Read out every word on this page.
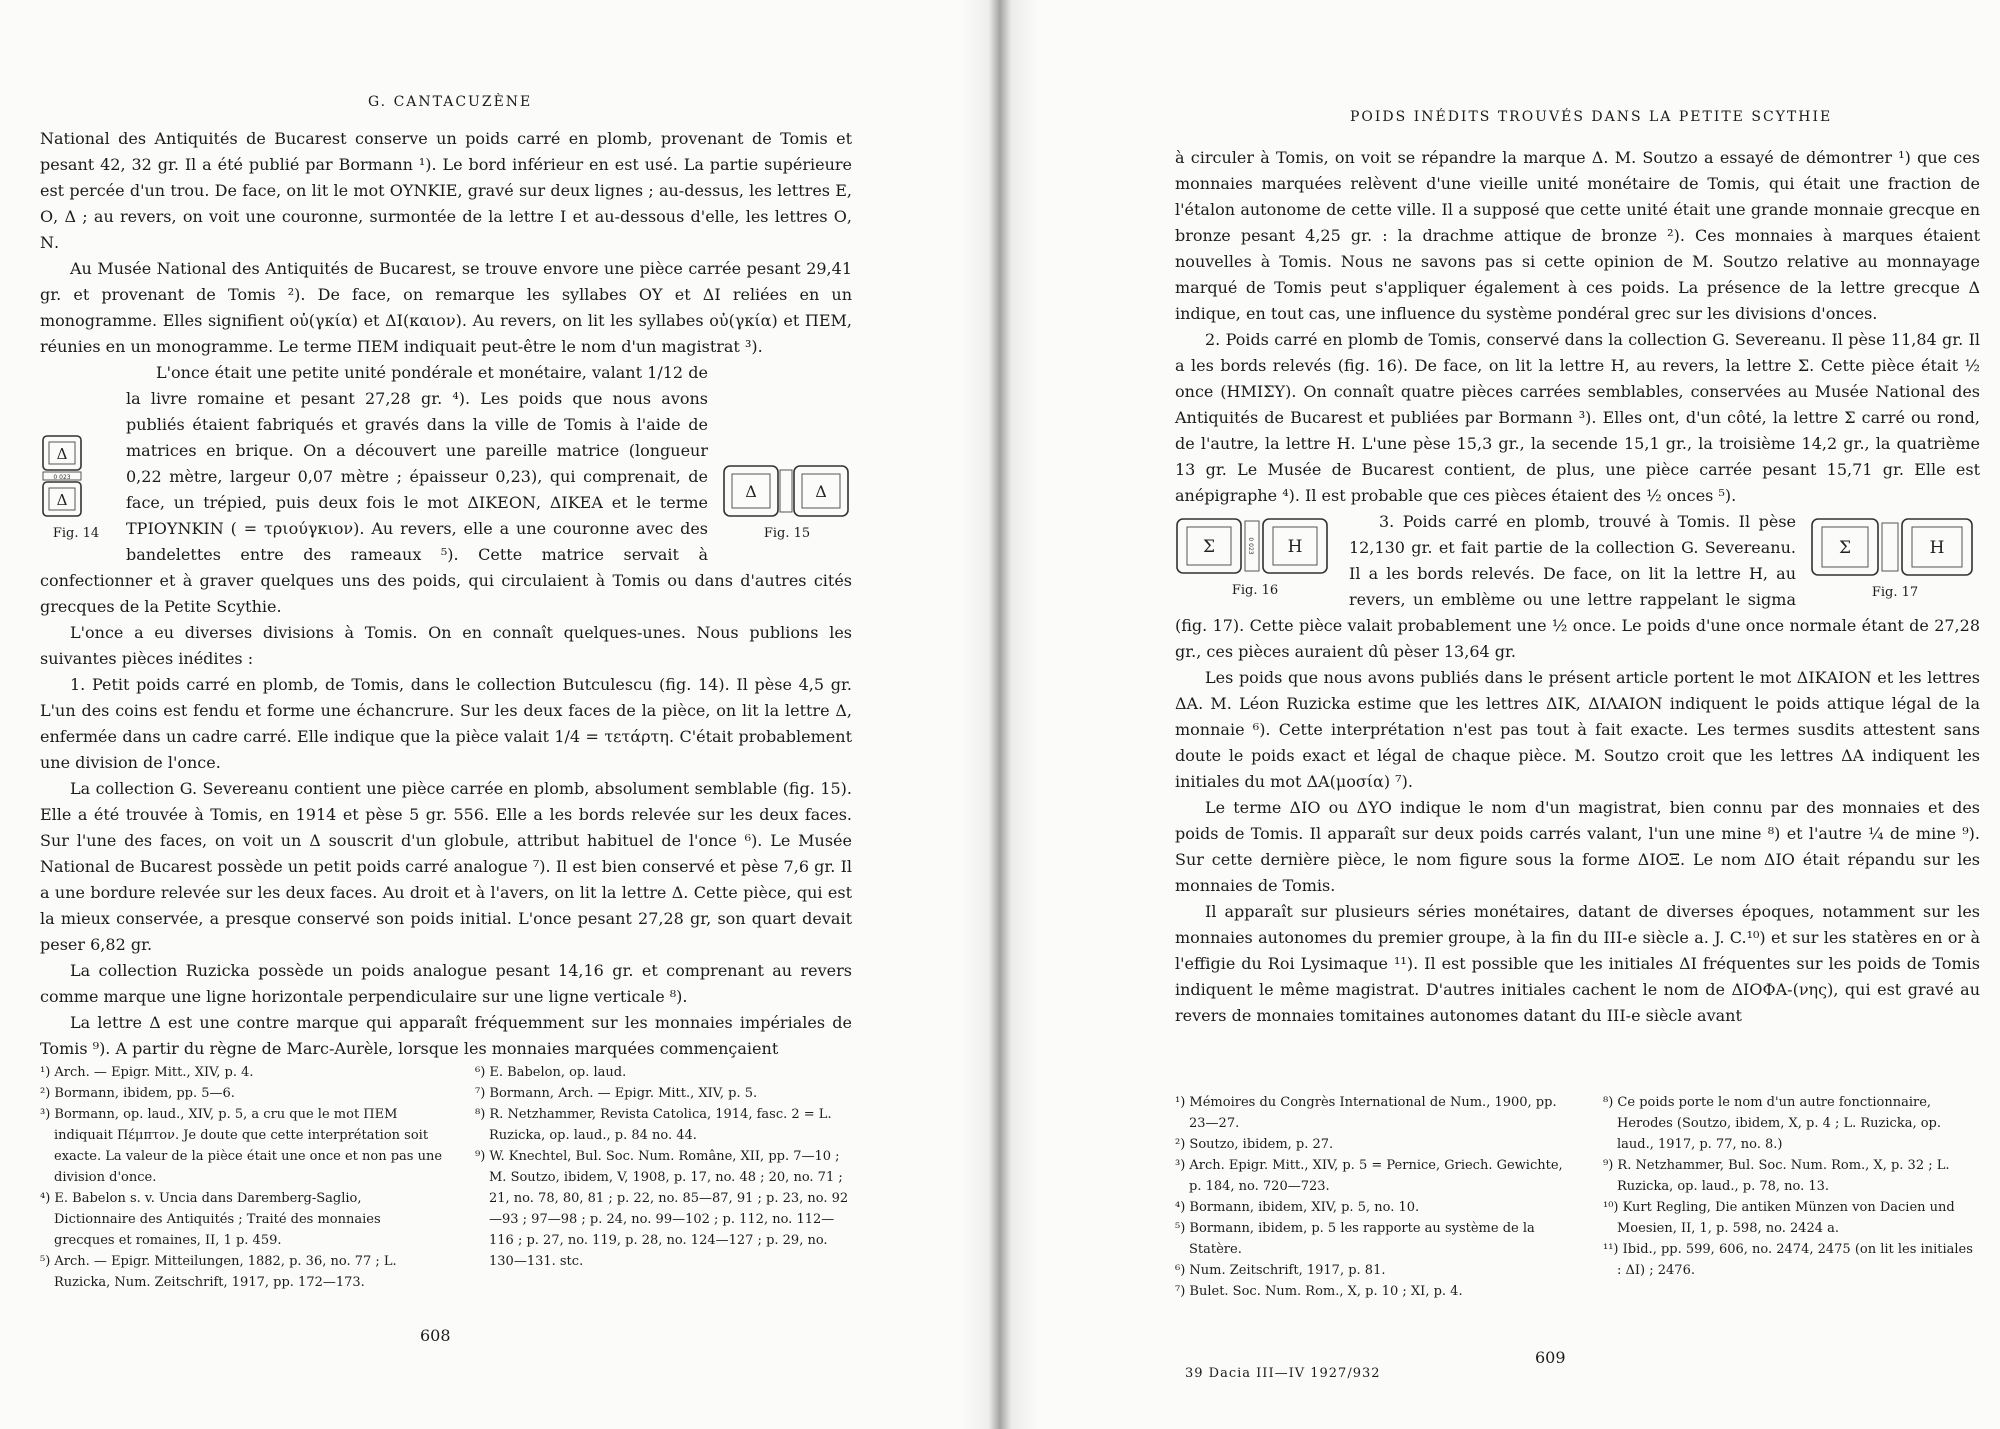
G. CANTACUZÈNE

National des Antiquités de Bucarest conserve un poids carré en plomb, provenant de Tomis et pesant 42, 32 gr. Il a été publié par Bormann ¹). Le bord inférieur en est usé. La partie supérieure est percée d'un trou. De face, on lit le mot ΟΥΝΚΙΕ, gravé sur deux lignes ; au-dessus, les lettres Ε, Ο, Δ ; au revers, on voit une couronne, surmontée de la lettre Ι et au-dessous d'elle, les lettres Ο, Ν.

Au Musée National des Antiquités de Bucarest, se trouve envore une pièce carrée pesant 29,41 gr. et provenant de Tomis ²). De face, on remarque les syllabes ΟΥ et ΔΙ reliées en un monogramme. Elles signifient οὐ(γκία) et ΔΙ(καιον). Au revers, on lit les syllabes οὐ(γκία) et ΠΕΜ, réunies en un monogramme. Le terme ΠΕΜ indiquait peut-être le nom d'un magistrat ³).

Δ
0 023
Δ
Fig. 14
Δ	Δ
Fig. 15

L'once était une petite unité pondérale et monétaire, valant 1/12 de la livre romaine et pesant 27,28 gr. ⁴). Les poids que nous avons publiés étaient fabriqués et gravés dans la ville de Tomis à l'aide de matrices en brique. On a découvert une pareille matrice (longueur 0,22 mètre, largeur 0,07 mètre ; épaisseur 0,23), qui comprenait, de face, un trépied, puis deux fois le mot ΔΙΚΕΟΝ, ΔΙΚΕΑ et le terme ΤΡΙΟΥΝΚΙΝ ( = τριούγκιον). Au revers, elle a une couronne avec des bandelettes entre des rameaux ⁵). Cette matrice servait à confectionner et à graver quelques uns des poids, qui circulaient à Tomis ou dans d'autres cités grecques de la Petite Scythie.

L'once a eu diverses divisions à Tomis. On en connaît quelques-unes. Nous publions les suivantes pièces inédites :

1. Petit poids carré en plomb, de Tomis, dans le collection Butculescu (fig. 14). Il pèse 4,5 gr. L'un des coins est fendu et forme une échancrure. Sur les deux faces de la pièce, on lit la lettre Δ, enfermée dans un cadre carré. Elle indique que la pièce valait 1/4 = τετάρτη. C'était probablement une division de l'once.

La collection G. Severeanu contient une pièce carrée en plomb, absolument semblable (fig. 15). Elle a été trouvée à Tomis, en 1914 et pèse 5 gr. 556. Elle a les bords relevée sur les deux faces. Sur l'une des faces, on voit un Δ souscrit d'un globule, attribut habituel de l'once ⁶). Le Musée National de Bucarest possède un petit poids carré analogue ⁷). Il est bien conservé et pèse 7,6 gr. Il a une bordure relevée sur les deux faces. Au droit et à l'avers, on lit la lettre Δ. Cette pièce, qui est la mieux conservée, a presque conservé son poids initial. L'once pesant 27,28 gr, son quart devait peser 6,82 gr.

La collection Ruzicka possède un poids analogue pesant 14,16 gr. et comprenant au revers comme marque une ligne horizontale perpendiculaire sur une ligne verticale ⁸).

La lettre Δ est une contre marque qui apparaît fréquemment sur les monnaies impériales de Tomis ⁹). A partir du règne de Marc-Aurèle, lorsque les monnaies marquées commençaient

¹) Arch. — Epigr. Mitt., XIV, p. 4.

²) Bormann, ibidem, pp. 5—6.

³) Bormann, op. laud., XIV, p. 5, a cru que le mot ΠΕΜ indiquait Πέμπτον. Je doute que cette interprétation soit exacte. La valeur de la pièce était une once et non pas une division d'once.

⁴) E. Babelon s. v. Uncia dans Daremberg-Saglio, Dictionnaire des Antiquités ; Traité des monnaies grecques et romaines, II, 1 p. 459.

⁵) Arch. — Epigr. Mitteilungen, 1882, p. 36, no. 77 ; L. Ruzicka, Num. Zeitschrift, 1917, pp. 172—173.

⁶) E. Babelon, op. laud.

⁷) Bormann, Arch. — Epigr. Mitt., XIV, p. 5.

⁸) R. Netzhammer, Revista Catolica, 1914, fasc. 2 = L. Ruzicka, op. laud., p. 84 no. 44.

⁹) W. Knechtel, Bul. Soc. Num. Române, XII, pp. 7—10 ; M. Soutzo, ibidem, V, 1908, p. 17, no. 48 ; 20, no. 71 ; 21, no. 78, 80, 81 ; p. 22, no. 85—87, 91 ; p. 23, no. 92—93 ; 97—98 ; p. 24, no. 99—102 ; p. 112, no. 112—116 ; p. 27, no. 119, p. 28, no. 124—127 ; p. 29, no. 130—131. stc.

608
POIDS INÉDITS TROUVÉS DANS LA PETITE SCYTHIE

à circuler à Tomis, on voit se répandre la marque Δ. M. Soutzo a essayé de démontrer ¹) que ces monnaies marquées relèvent d'une vieille unité monétaire de Tomis, qui était une fraction de l'étalon autonome de cette ville. Il a supposé que cette unité était une grande monnaie grecque en bronze pesant 4,25 gr. : la drachme attique de bronze ²). Ces monnaies à marques étaient nouvelles à Tomis. Nous ne savons pas si cette opinion de M. Soutzo relative au monnayage marqué de Tomis peut s'appliquer également à ces poids. La présence de la lettre grecque Δ indique, en tout cas, une influence du système pondéral grec sur les divisions d'onces.

2. Poids carré en plomb de Tomis, conservé dans la collection G. Severeanu. Il pèse 11,84 gr. Il a les bords relevés (fig. 16). De face, on lit la lettre Η, au revers, la lettre Σ. Cette pièce était ½ once (ΗΜΙΣΥ). On connaît quatre pièces carrées semblables, conservées au Musée National des Antiquités de Bucarest et publiées par Bormann ³). Elles ont, d'un côté, la lettre Σ carré ou rond, de l'autre, la lettre Η. L'une pèse 15,3 gr., la secende 15,1 gr., la troisième 14,2 gr., la quatrième 13 gr. Le Musée de Bucarest contient, de plus, une pièce carrée pesant 15,71 gr. Elle est anépigraphe ⁴). Il est probable que ces pièces étaient des ½ onces ⁵).

Σ	0 023 Η
Fig. 16
Σ	Η
Fig. 17

3. Poids carré en plomb, trouvé à Tomis. Il pèse 12,130 gr. et fait partie de la collection G. Severeanu. Il a les bords relevés. De face, on lit la lettre Η, au revers, un emblème ou une lettre rappelant le sigma (fig. 17). Cette pièce valait probablement une ½ once. Le poids d'une once normale étant de 27,28 gr., ces pièces auraient dû pèser 13,64 gr.

Les poids que nous avons publiés dans le présent article portent le mot ΔΙΚΑΙΟΝ et les lettres ΔΑ. M. Léon Ruzicka estime que les lettres ΔΙΚ, ΔΙΛΑΙΟΝ indiquent le poids attique légal de la monnaie ⁶). Cette interprétation n'est pas tout à fait exacte. Les termes susdits attestent sans doute le poids exact et légal de chaque pièce. M. Soutzo croit que les lettres ΔΑ indiquent les initiales du mot ΔΑ(μοσία) ⁷).

Le terme ΔΙΟ ou ΔΥΟ indique le nom d'un magistrat, bien connu par des monnaies et des poids de Tomis. Il apparaît sur deux poids carrés valant, l'un une mine ⁸) et l'autre ¼ de mine ⁹). Sur cette dernière pièce, le nom figure sous la forme ΔΙΟΞ. Le nom ΔΙΟ était répandu sur les monnaies de Tomis.

Il apparaît sur plusieurs séries monétaires, datant de diverses époques, notamment sur les monnaies autonomes du premier groupe, à la fin du III-e siècle a. J. C.¹⁰) et sur les statères en or à l'effigie du Roi Lysimaque ¹¹). Il est possible que les initiales ΔΙ fréquentes sur les poids de Tomis indiquent le même magistrat. D'autres initiales cachent le nom de ΔΙΟΦΑ-(νης), qui est gravé au revers de monnaies tomitaines autonomes datant du III-e siècle avant

¹) Mémoires du Congrès International de Num., 1900, pp. 23—27.

²) Soutzo, ibidem, p. 27.

³) Arch. Epigr. Mitt., XIV, p. 5 = Pernice, Griech. Gewichte, p. 184, no. 720—723.

⁴) Bormann, ibidem, XIV, p. 5, no. 10.

⁵) Bormann, ibidem, p. 5 les rapporte au système de la Statère.

⁶) Num. Zeitschrift, 1917, p. 81.

⁷) Bulet. Soc. Num. Rom., X, p. 10 ; XI, p. 4.

⁸) Ce poids porte le nom d'un autre fonctionnaire, Herodes (Soutzo, ibidem, X, p. 4 ; L. Ruzicka, op. laud., 1917, p. 77, no. 8.)

⁹) R. Netzhammer, Bul. Soc. Num. Rom., X, p. 32 ; L. Ruzicka, op. laud., p. 78, no. 13.

¹⁰) Kurt Regling, Die antiken Münzen von Dacien und Moesien, II, 1, p. 598, no. 2424 a.

¹¹) Ibid., pp. 599, 606, no. 2474, 2475 (on lit les initiales : ΔΙ) ; 2476.

609
39 Dacia III—IV 1927/932
